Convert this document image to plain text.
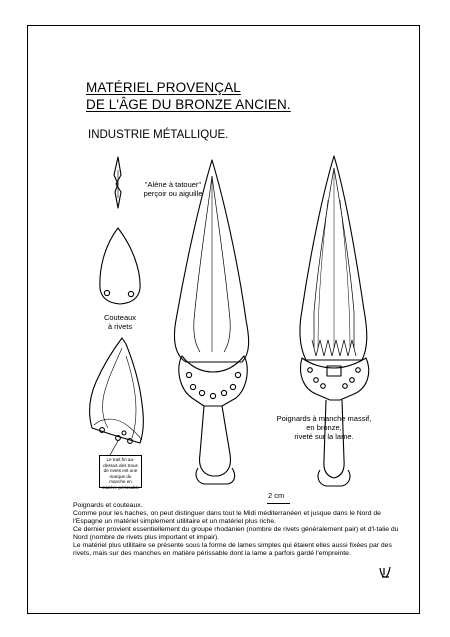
MATÉRIEL PROVENÇAL
DE L'ÂGE DU BRONZE ANCIEN.
INDUSTRIE MÉTALLIQUE.
"Alène à tatouer"
perçoir ou aiguille
Couteaux
à rivets
Poignards à manche massif,
en bronze,
riveté sur la lame.
Le trait fin au-dessus des trous de rivets est une marque du manche en matière périssable
2 cm
Poignards et couteaux.
Comme pour les haches, on peut distinguer dans tout le Midi méditerranéen et jusque dans le Nord de l'Espagne un matériel simplement utilitaire et un matériel plus riche.
Ce dernier provient essentiellement du groupe rhodanien (nombre de rivets généralement pair) et d'l-talie du Nord (nombre de rivets plus important et impair).
Le matériel plus utilitaire se présente sous la forme de lames simples qui étaient elles aussi fixées par des rivets, mais sur des manches en matière périssable dont la lame a parfois gardé l'empreinte.
